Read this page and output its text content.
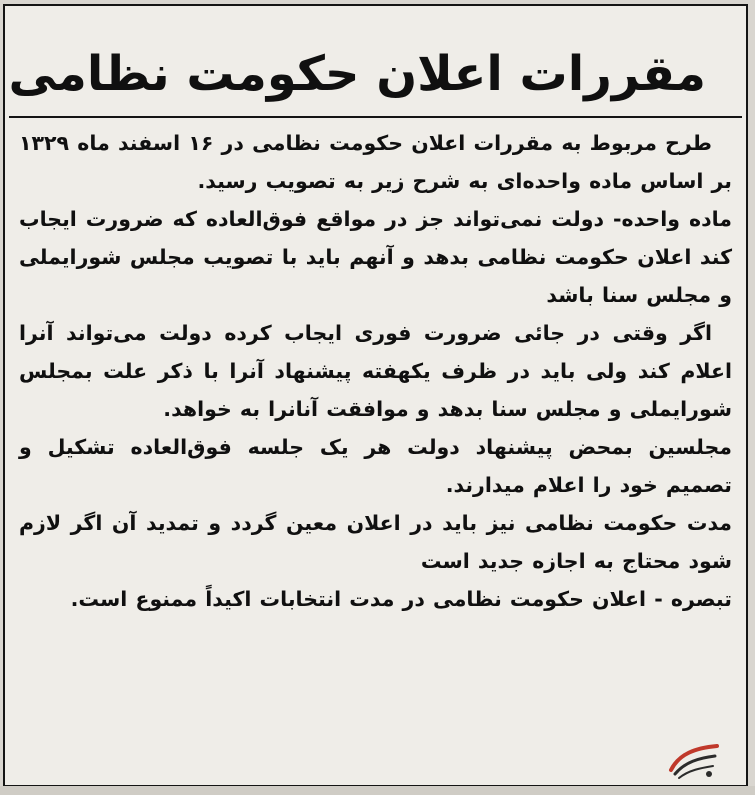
مقررات اعلان حکومت نظامی

طرح مربوط به مقررات اعلان حکومت نظامی در ۱۶ اسفند ماه ۱۳۲۹ بر اساس ماده واحده‌ای به شرح زیر به تصویب رسید.

ماده واحده- دولت نمی‌تواند جز در مواقع فوق‌العاده که ضرورت ایجاب کند اعلان حکومت نظامی بدهد و آنهم باید با تصویب مجلس شورایملی و مجلس سنا باشد

اگر وقتی در جائی ضرورت فوری ایجاب کرده دولت می‌تواند آنرا اعلام کند ولی باید در ظرف یکهفته پیشنهاد آنرا با ذکر علت بمجلس شورایملی و مجلس سنا بدهد و موافقت آنانرا به خواهد.

مجلسین بمحض پیشنهاد دولت هر یک جلسه فوق‌العاده تشکیل و تصمیم خود را اعلام میدارند.

مدت حکومت نظامی نیز باید در اعلان معین گردد و تمدید آن اگر لازم شود محتاج به اجازه جدید است

تبصره - اعلان حکومت نظامی در مدت انتخابات اکیداً ممنوع است.
